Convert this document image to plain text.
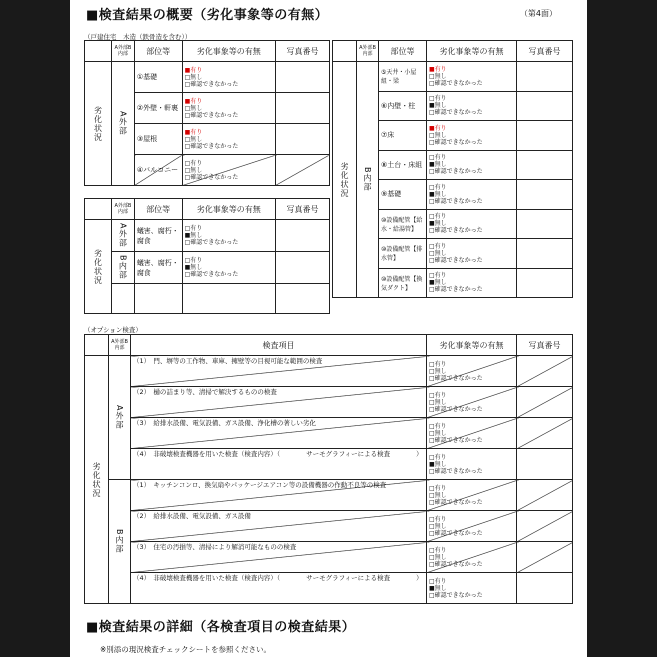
■検査結果の概要（劣化事象等の有無）	（第4面）
（戸建住宅　木造（鉄骨造を含む））
	A外部B内部	部位等	劣化事象等の有無	写真番号
劣化状況	A外部	①基礎	■有り
□無し
□確認できなかった	

		②外壁・軒裏	■有り
□無し
□確認できなかった	

		③屋根	■有り
□無し
□確認できなかった	

		④バルコニー	□有り
□無し
□確認できなかった	

	A外部B内部	部位等	劣化事象等の有無	写真番号
劣化状況	A外部	蟻害、腐朽・腐食	□有り
■無し
□確認できなかった	

	B内部	蟻害、腐朽・腐食	□有り
■無し
□確認できなかった	

	A外部B内部	部位等	劣化事象等の有無	写真番号
劣化状況	B内部	⑤天井・小屋組・梁	■有り
□無し
□確認できなかった	

		⑥内壁・柱	□有り
■無し
□確認できなかった	

		⑦床	■有り
□無し
□確認できなかった	

		⑧土台・床組	□有り
■無し
□確認できなかった	

		⑨基礎	□有り
■無し
□確認できなかった	

		⑩設備配管【給水・給湯管】	□有り
■無し
□確認できなかった	

		⑩設備配管【排水管】	□有り
□無し
□確認できなかった	

		⑩設備配管【換気ダクト】	□有り
■無し
□確認できなかった	

（オプション検査）
	A外部B内部	検査項目	劣化事象等の有無	写真番号
劣化状況	A外部	（1）　門、塀等の工作物、車庫、擁壁等の目視可能な範囲の検査	□有り
□無し
□確認できなかった	

		（2）　樋の詰まり等、清掃で解決するものの検査	□有り
□無し
□確認できなかった	

		（3）　給排水設備、電気設備、ガス設備、浄化槽の著しい劣化	□有り
□無し
□確認できなかった	

		（4）　非破壊検査機器を用いた検査（検査内容）（　　　　サーモグラフィーによる検査　　　　）	□有り
■無し
□確認できなかった	

	B内部	（1）　キッチンコンロ、換気扇やパッケージエアコン等の設備機器の作動不良等の検査	□有り
□無し
□確認できなかった	

		（2）　給排水設備、電気設備、ガス設備	□有り
□無し
□確認できなかった	

		（3）　住宅の汚損等、清掃により解消可能なものの検査	□有り
□無し
□確認できなかった	

		（4）　非破壊検査機器を用いた検査（検査内容）（　　　　サーモグラフィーによる検査　　　　）	□有り
■無し
□確認できなかった	

■検査結果の詳細（各検査項目の検査結果）
※別添の現況検査チェックシートを参照ください。
